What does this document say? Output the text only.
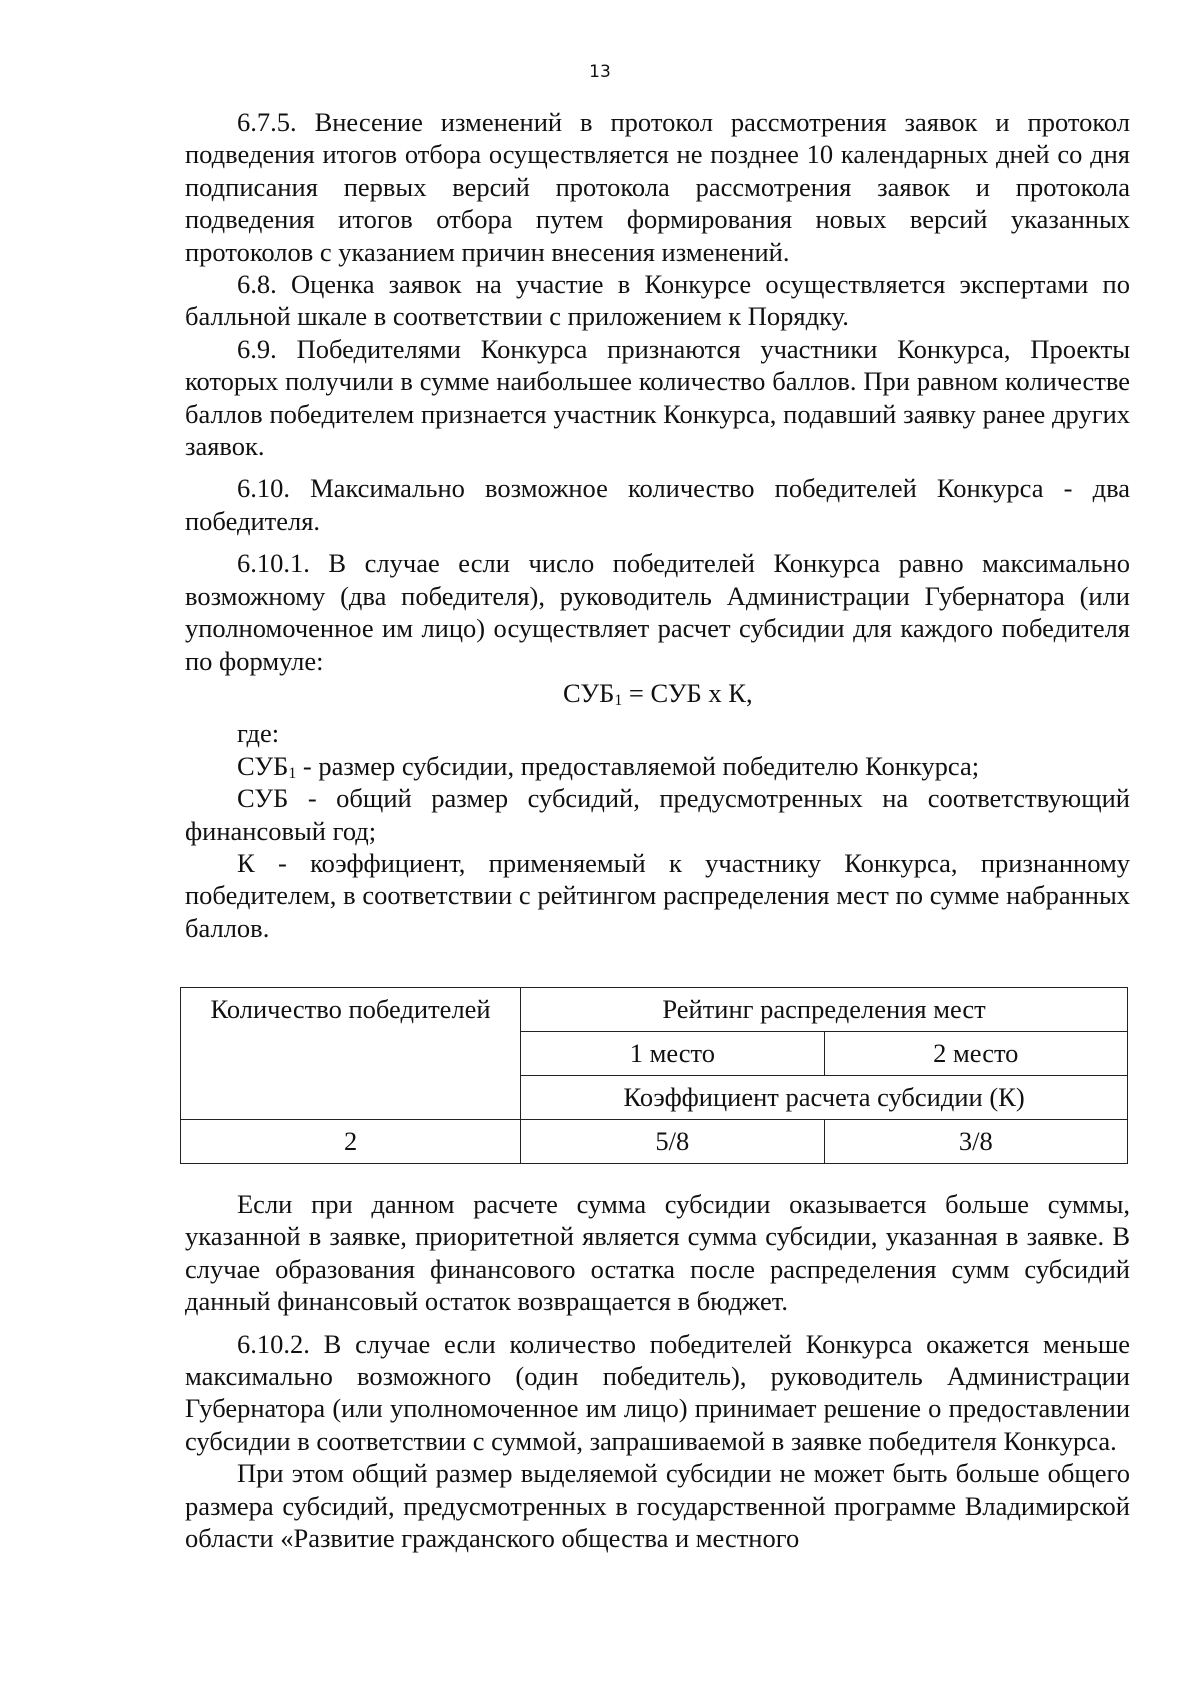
13

6.7.5. Внесение изменений в протокол рассмотрения заявок и протокол подведения итогов отбора осуществляется не позднее 10 календарных дней со дня подписания первых версий протокола рассмотрения заявок и протокола подведения итогов отбора путем формирования новых версий указанных протоколов с указанием причин внесения изменений.

6.8. Оценка заявок на участие в Конкурсе осуществляется экспертами по балльной шкале в соответствии с приложением к Порядку.

6.9. Победителями Конкурса признаются участники Конкурса, Проекты которых получили в сумме наибольшее количество баллов. При равном количестве баллов победителем признается участник Конкурса, подавший заявку ранее других заявок.

6.10. Максимально возможное количество победителей Конкурса - два победителя.

6.10.1. В случае если число победителей Конкурса равно максимально возможному (два победителя), руководитель Администрации Губернатора (или уполномоченное им лицо) осуществляет расчет субсидии для каждого победителя по формуле:

$СУБ_1$ = СУБ х К,

где:

$СУБ_1$ - размер субсидии, предоставляемой победителю Конкурса;

СУБ - общий размер субсидий, предусмотренных на соответствующий финансовый год;

К - коэффициент, применяемый к участнику Конкурса, признанному победителем, в соответствии с рейтингом распределения мест по сумме набранных баллов.

Количество победителей	Рейтинг распределения мест	
	1 место	2 место
	Коэффициент расчета субсидии (К)	
2	5/8	3/8

Если при данном расчете сумма субсидии оказывается больше суммы, указанной в заявке, приоритетной является сумма субсидии, указанная в заявке. В случае образования финансового остатка после распределения сумм субсидий данный финансовый остаток возвращается в бюджет.

6.10.2. В случае если количество победителей Конкурса окажется меньше максимально возможного (один победитель), руководитель Администрации Губернатора (или уполномоченное им лицо) принимает решение о предоставлении субсидии в соответствии с суммой, запрашиваемой в заявке победителя Конкурса.

При этом общий размер выделяемой субсидии не может быть больше общего размера субсидий, предусмотренных в государственной программе Владимирской области «Развитие гражданского общества и местного
